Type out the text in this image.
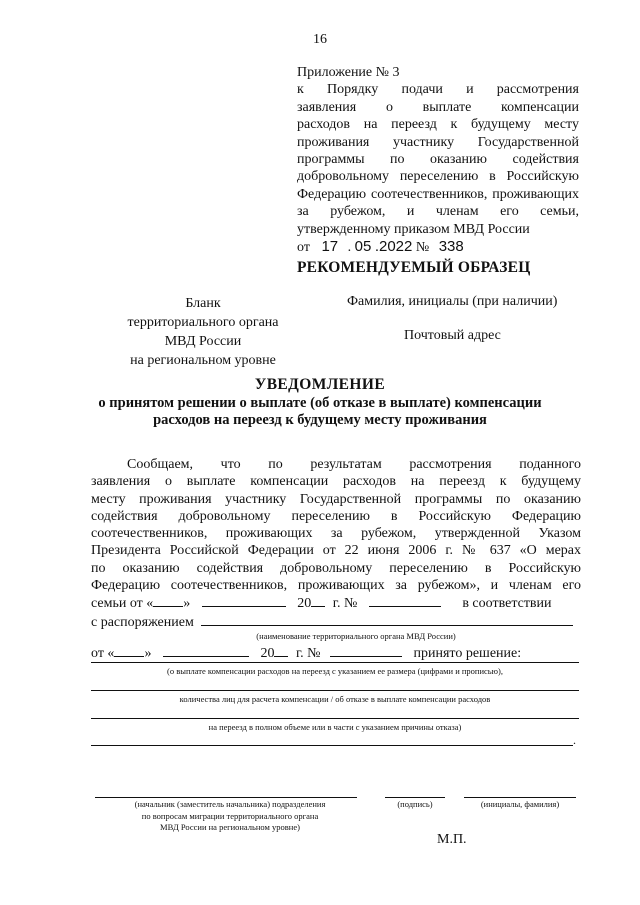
16
Приложение № 3
к Порядку подачи и рассмотрения
заявления о выплате компенсации
расходов на переезд к будущему месту
проживания участнику Государственной
программы по оказанию содействия
добровольному переселению в Российскую
Федерацию соотечественников, проживающих
за рубежом, и членам его семьи,
утвержденному приказом МВД России
от 17 . 05 .2022 № 338
РЕКОМЕНДУЕМЫЙ ОБРАЗЕЦ
Бланк
территориального органа
МВД России
на региональном уровне
Фамилия, инициалы (при наличии)
Почтовый адрес
УВЕДОМЛЕНИЕ
о принятом решении о выплате (об отказе в выплате) компенсации
расходов на переезд к будущему месту проживания
Сообщаем, что по результатам рассмотрения поданного
заявления о выплате компенсации расходов на переезд к будущему
месту проживания участнику Государственной программы по оказанию
содействия добровольному переселению в Российскую Федерацию
соотечественников, проживающих за рубежом, утвержденной Указом
Президента Российской Федерации от 22 июня 2006 г. № 637 «О мерах
по оказанию содействия добровольному переселению в Российскую
Федерацию соотечественников, проживающих за рубежом», и членам его
семьи от « »	20 г. №	в соответствии
с распоряжением
(наименование территориального органа МВД России)
от « »	20 г. №	принято решение:
(о выплате компенсации расходов на переезд с указанием ее размера (цифрами и прописью),
количества лиц для расчета компенсации / об отказе в выплате компенсации расходов
на переезд в полном объеме или в части с указанием причины отказа)
.
(начальник (заместитель начальника) подразделения
по вопросам миграции территориального органа
МВД России на региональном уровне)
(подпись)	(инициалы, фамилия)
М.П.
